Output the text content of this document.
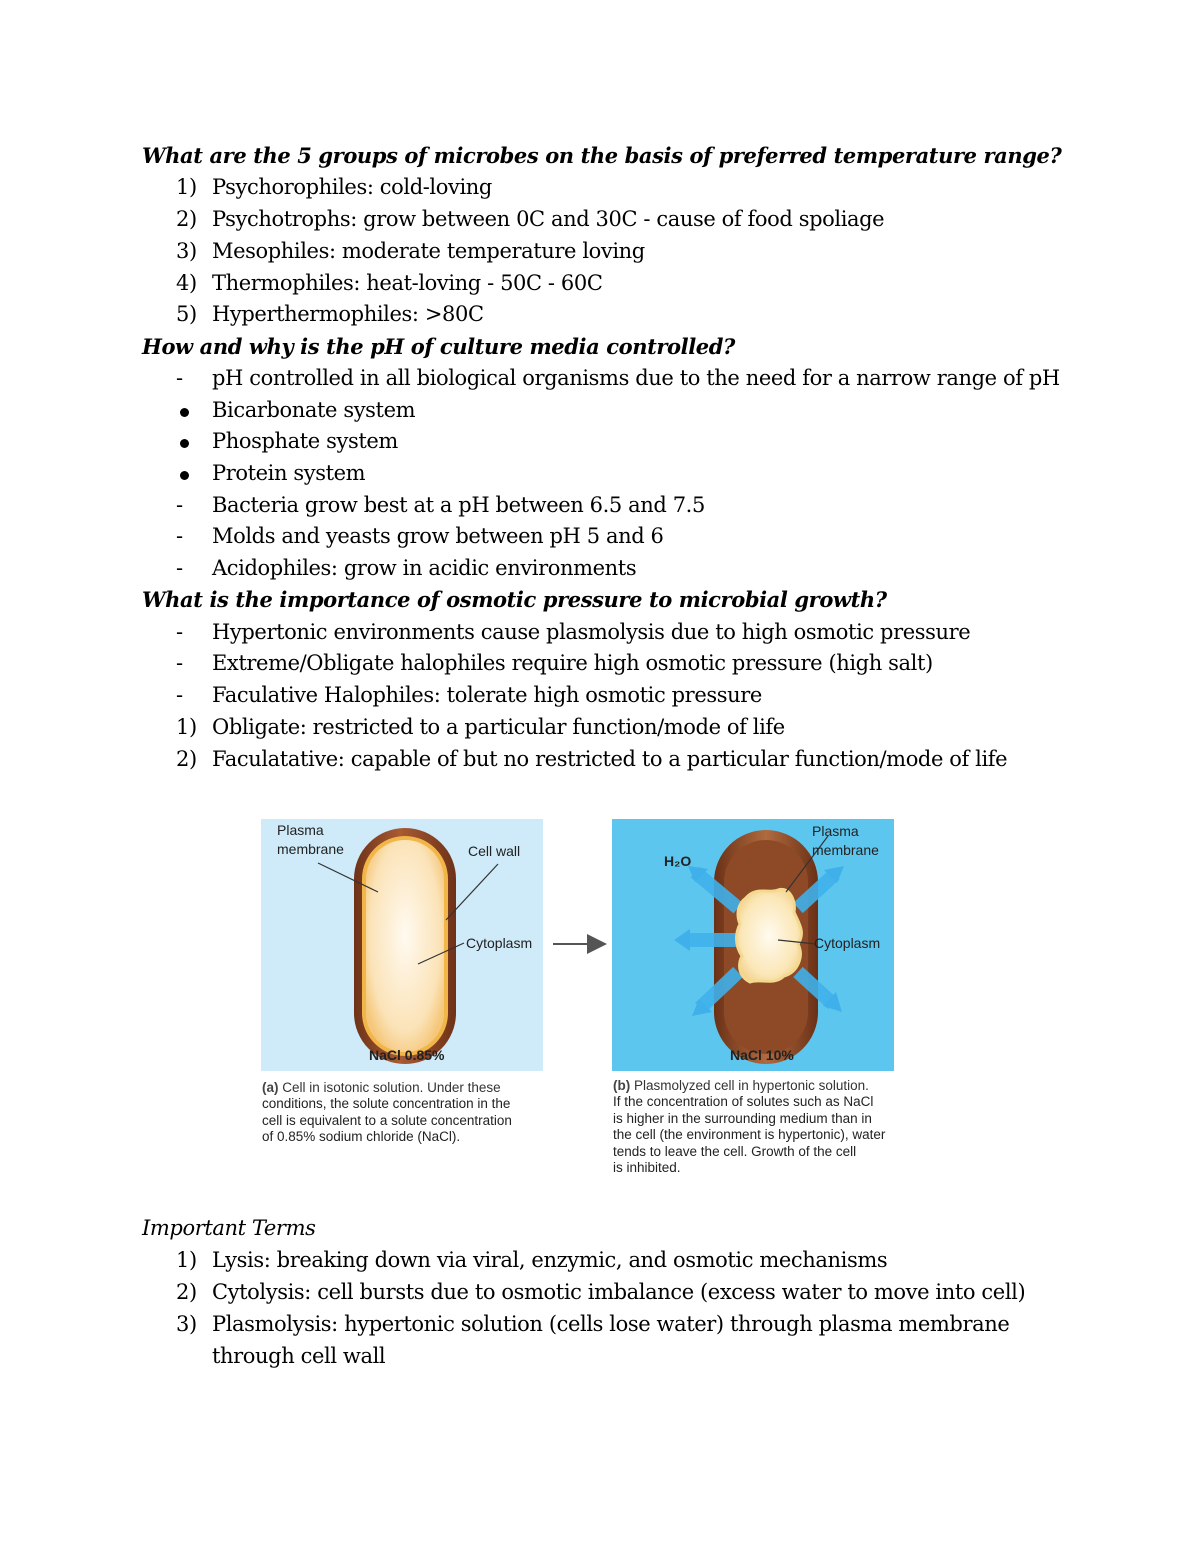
What are the 5 groups of microbes on the basis of preferred temperature range?
1) Psychorophiles: cold-loving
2) Psychotrophs: grow between 0C and 30C - cause of food spoliage
3) Mesophiles: moderate temperature loving
4) Thermophiles: heat-loving - 50C - 60C
5) Hyperthermophiles: >80C
How and why is the pH of culture media controlled?
-	pH controlled in all biological organisms due to the need for a narrow range of pH
Bicarbonate system
Phosphate system
Protein system
-	Bacteria grow best at a pH between 6.5 and 7.5
-	Molds and yeasts grow between pH 5 and 6
-	Acidophiles: grow in acidic environments
What is the importance of osmotic pressure to microbial growth?
-	Hypertonic environments cause plasmolysis due to high osmotic pressure
-	Extreme/Obligate halophiles require high osmotic pressure (high salt)
-	Faculative Halophiles: tolerate high osmotic pressure
1) Obligate: restricted to a particular function/mode of life
2) Faculatative: capable of but no restricted to a particular function/mode of life
Plasma
membrane	Cell wall
Cytoplasm
NaCl 0.85%
H₂O
Plasma
membrane
Cytoplasm
NaCl 10%
(a) Cell in isotonic solution. Under these
conditions, the solute concentration in the
cell is equivalent to a solute concentration
of 0.85% sodium chloride (NaCl).
(b) Plasmolyzed cell in hypertonic solution.
If the concentration of solutes such as NaCl
is higher in the surrounding medium than in
the cell (the environment is hypertonic), water
tends to leave the cell. Growth of the cell
is inhibited.
Important Terms
1) Lysis: breaking down via viral, enzymic, and osmotic mechanisms
2) Cytolysis: cell bursts due to osmotic imbalance (excess water to move into cell)
3) Plasmolysis: hypertonic solution (cells lose water) through plasma membrane
through cell wall
